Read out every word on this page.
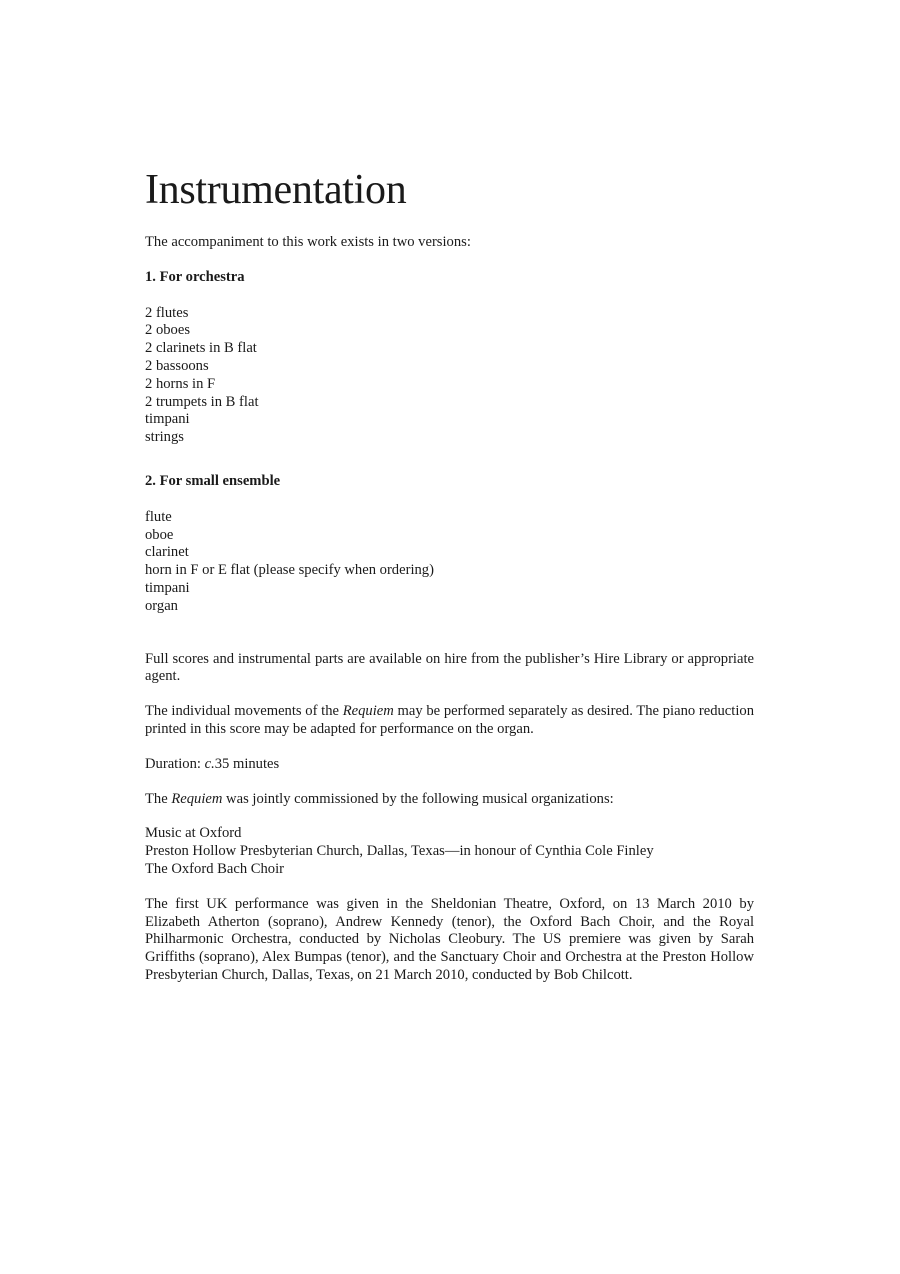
Instrumentation

The accompaniment to this work exists in two versions:

1. For orchestra

2 flutes
2 oboes
2 clarinets in B flat
2 bassoons
2 horns in F
2 trumpets in B flat
timpani
strings

2. For small ensemble

flute
oboe
clarinet
horn in F or E flat (please specify when ordering)
timpani
organ

Full scores and instrumental parts are available on hire from the publisher’s Hire Library or appropriate agent.

The individual movements of the Requiem may be performed separately as desired. The piano reduction printed in this score may be adapted for performance on the organ.

Duration: c.35 minutes

The Requiem was jointly commissioned by the following musical organizations:

Music at Oxford
Preston Hollow Presbyterian Church, Dallas, Texas—in honour of Cynthia Cole Finley
The Oxford Bach Choir

The first UK performance was given in the Sheldonian Theatre, Oxford, on 13 March 2010 by Elizabeth Atherton (soprano), Andrew Kennedy (tenor), the Oxford Bach Choir, and the Royal Philharmonic Orchestra, conducted by Nicholas Cleobury. The US premiere was given by Sarah Griffiths (soprano), Alex Bumpas (tenor), and the Sanctuary Choir and Orchestra at the Preston Hollow Presbyterian Church, Dallas, Texas, on 21 March 2010, conducted by Bob Chilcott.
